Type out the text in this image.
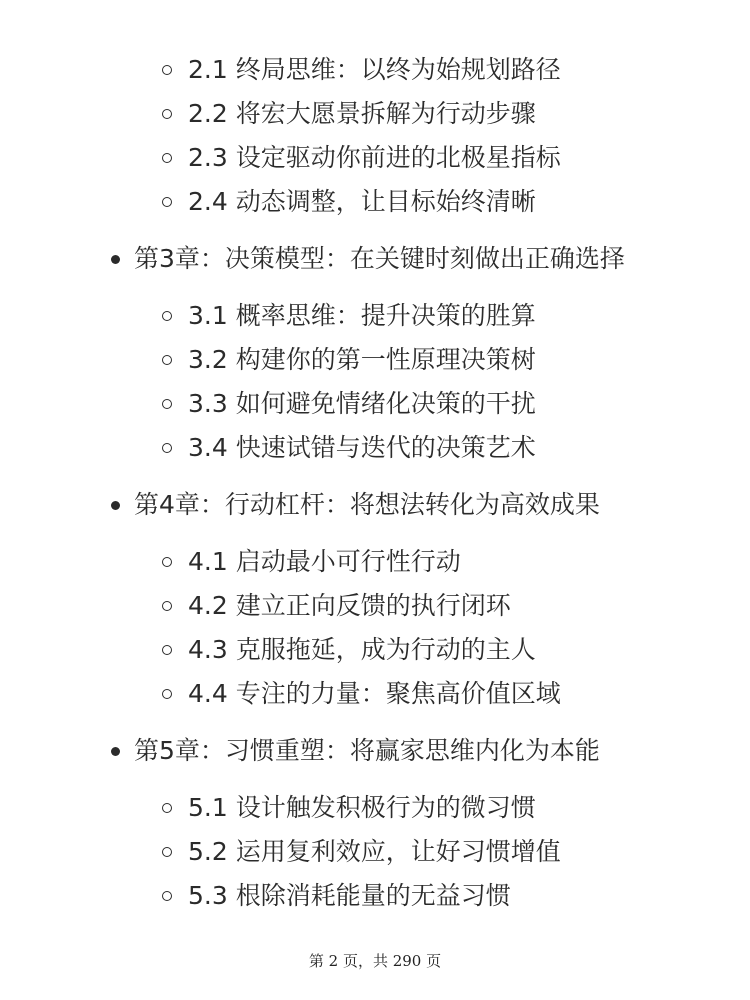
2.1 终局思维：以终为始规划路径
2.2 将宏大愿景拆解为行动步骤
2.3 设定驱动你前进的北极星指标
2.4 动态调整，让目标始终清晰
第3章：决策模型：在关键时刻做出正确选择
3.1 概率思维：提升决策的胜算
3.2 构建你的第一性原理决策树
3.3 如何避免情绪化决策的干扰
3.4 快速试错与迭代的决策艺术
第4章：行动杠杆：将想法转化为高效成果
4.1 启动最小可行性行动
4.2 建立正向反馈的执行闭环
4.3 克服拖延，成为行动的主人
4.4 专注的力量：聚焦高价值区域
第5章：习惯重塑：将赢家思维内化为本能
5.1 设计触发积极行为的微习惯
5.2 运用复利效应，让好习惯增值
5.3 根除消耗能量的无益习惯
第 2 页，共 290 页
